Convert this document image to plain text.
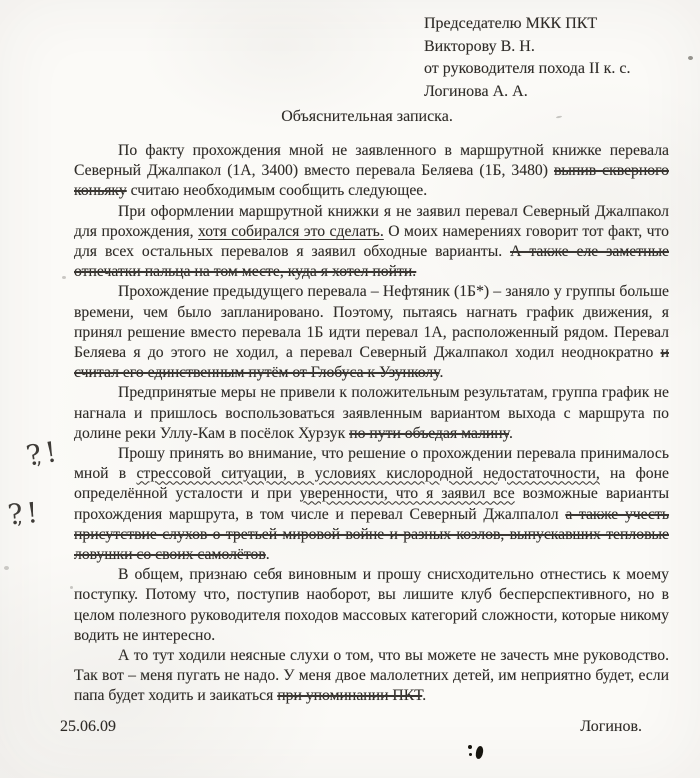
Председателю МКК ПКТ
Викторову В. Н.
от руководителя похода II к. с.
Логинова А. А.
Объяснительная записка.

По факту прохождения мной не заявленного в маршрутной книжке перевала Северный Джалпакол (1А, 3400) вместо перевала Беляева (1Б, 3480) выпив скверного коньяку считаю необходимым сообщить следующее.

При оформлении маршрутной книжки я не заявил перевал Северный Джалпакол для прохождения, хотя собирался это сделать. О моих намерениях говорит тот факт, что для всех остальных перевалов я заявил обходные варианты. А также еле заметные отпечатки пальца на том месте, куда я хотел пойти.

Прохождение предыдущего перевала – Нефтяник (1Б*) – заняло у группы больше времени, чем было запланировано. Поэтому, пытаясь нагнать график движения, я принял решение вместо перевала 1Б идти перевал 1А, расположенный рядом. Перевал Беляева я до этого не ходил, а перевал Северный Джалпакол ходил неоднократно и считал его единственным путём от Глобуса к Узунколу.

Предпринятые меры не привели к положительным результатам, группа график не нагнала и пришлось воспользоваться заявленным вариантом выхода с маршрута по долине реки Уллу-Кам в посёлок Хурзук по пути объедая малину.

Прошу принять во внимание, что решение о прохождении перевала принималось мной в стрессовой ситуации, в условиях кислородной недостаточности, на фоне определённой усталости и при уверенности, что я заявил все возможные варианты прохождения маршрута, в том числе и перевал Северный Джалпалол а также учесть присутствие слухов о третьей мировой войне и разных козлов, выпускавших тепловые ловушки со своих самолётов.

В общем, признаю себя виновным и прошу снисходительно отнестись к моему поступку. Потому что, поступив наоборот, вы лишите клуб бесперспективного, но в целом полезного руководителя походов массовых категорий сложности, которые никому водить не интересно.

А то тут ходили неясные слухи о том, что вы можете не зачесть мне руководство. Так вот – меня пугать не надо. У меня двое малолетних детей, им неприятно будет, если папа будет ходить и заикаться при упоминании ПКТ.

?! ’
?! ’
25.06.09	Логинов.
